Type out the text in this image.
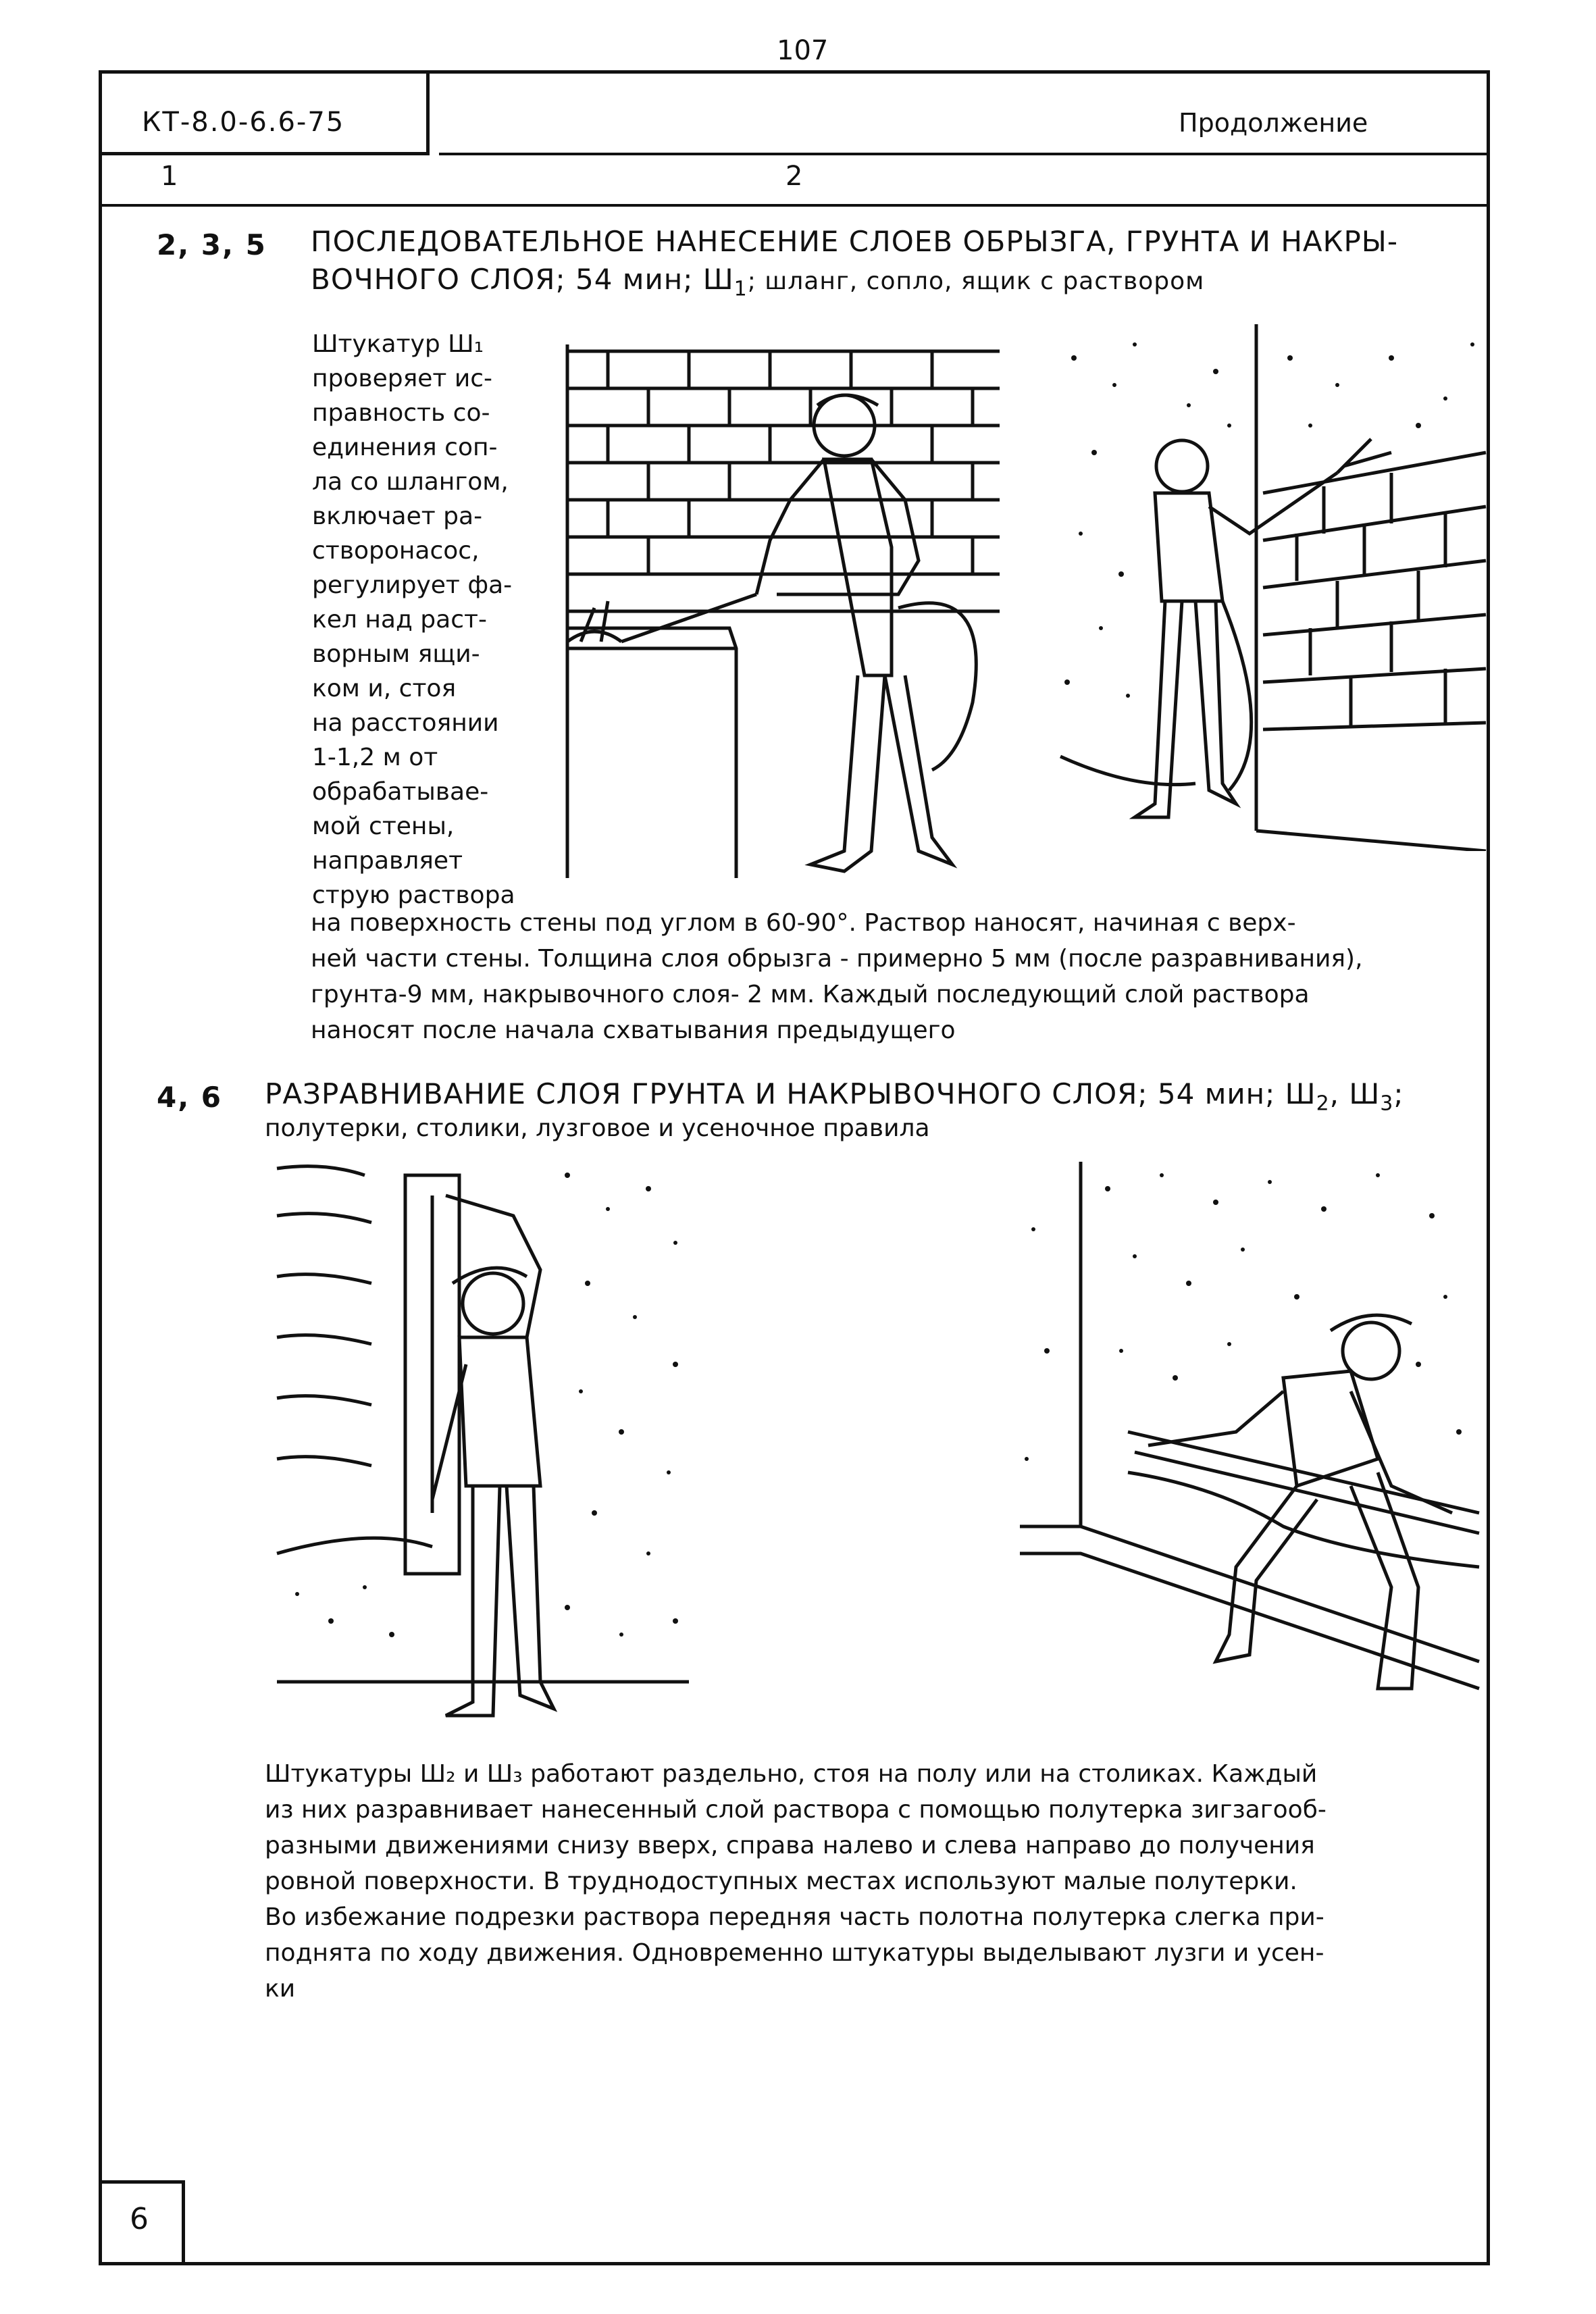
107
КТ-8.0-6.6-75	Продолжение
1	2
2, 3, 5 ПОСЛЕДОВАТЕЛЬНОЕ НАНЕСЕНИЕ СЛОЕВ ОБРЫЗГА, ГРУНТА И НАКРЫ-
ВОЧНОГО СЛОЯ; 54 мин; $Ш_1$; шланг, сопло, ящик с раствором
Штукатур Ш₁
проверяет ис-
правность со-
единения соп-
ла со шлангом,
включает ра-
створонасос,
регулирует фа-
кел над раст-
ворным ящи-
ком и, стоя
на расстоянии
1-1,2 м от
обрабатывае-
мой стены,
направляет
струю раствора
на поверхность стены под углом в 60-90°. Раствор наносят, начиная с верх-
ней части стены. Толщина слоя обрызга - примерно 5 мм (после разравнивания),
грунта-9 мм, накрывочного слоя- 2 мм. Каждый последующий слой раствора
наносят после начала схватывания предыдущего
4, 6 РАЗРАВНИВАНИЕ СЛОЯ ГРУНТА И НАКРЫВОЧНОГО СЛОЯ; 54 мин; $Ш_2$, $Ш_3$;
полутерки, столики, лузговое и усеночное правила
Штукатуры Ш₂ и Ш₃ работают раздельно, стоя на полу или на столиках. Каждый
из них разравнивает нанесенный слой раствора с помощью полутерка зигзагооб-
разными движениями снизу вверх, справа налево и слева направо до получения
ровной поверхности. В труднодоступных местах используют малые полутерки.
Во избежание подрезки раствора передняя часть полотна полутерка слегка при-
поднята по ходу движения. Одновременно штукатуры выделывают лузги и усен-
ки
6
